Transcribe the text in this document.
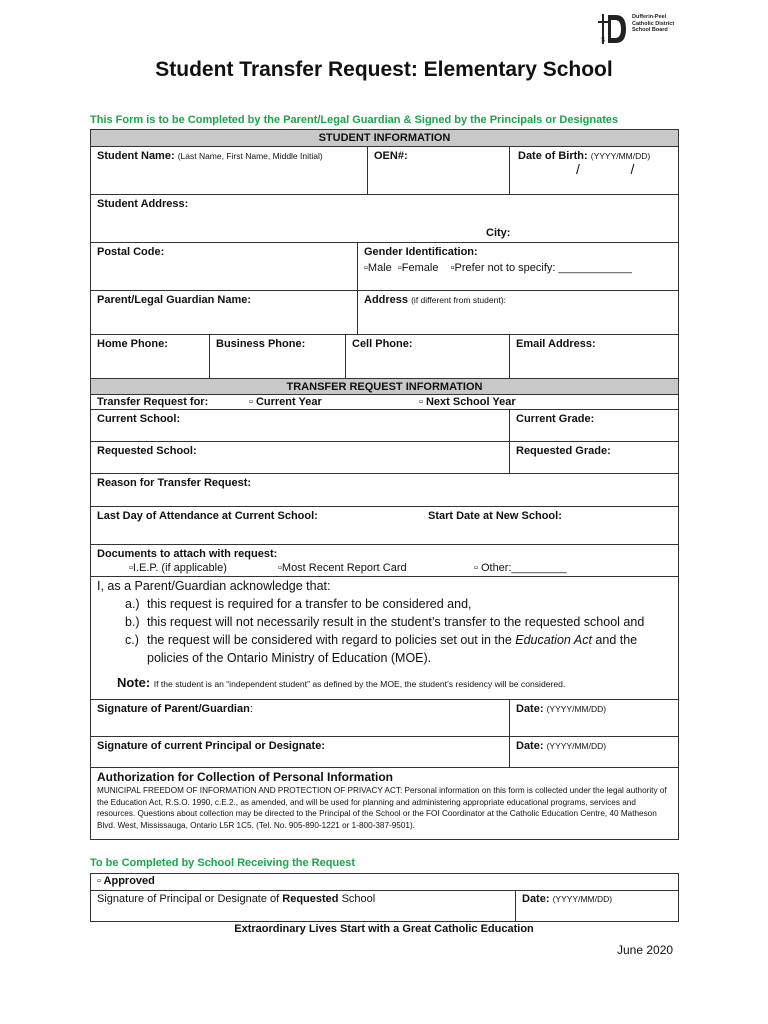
S
Dufferin-Peel
Catholic District
School Board
Student Transfer Request: Elementary School
This Form is to be Completed by the Parent/Legal Guardian & Signed by the Principals or Designates
STUDENT INFORMATION
Student Name: (Last Name, First Name, Middle Initial)	OEN#:	Date of Birth: (YYYY/MM/DD)
/             /
Student Address:
City:
Postal Code:	Gender Identification:
▫Male  ▫Female    ▫Prefer not to specify: ____________
Parent/Legal Guardian Name:	Address (if different from student):
Home Phone:	Business Phone:	Cell Phone:	Email Address:
TRANSFER REQUEST INFORMATION
Transfer Request for:	▫ Current Year	▫ Next School Year
Current School:	Current Grade:
Requested School:	Requested Grade:
Reason for Transfer Request:
Last Day of Attendance at Current School:	Start Date at New School:
Documents to attach with request:
▫I.E.P. (if applicable)	▫Most Recent Report Card	▫ Other:_________
I, as a Parent/Guardian acknowledge that:
a.) this request is required for a transfer to be considered and,
b.) this request will not necessarily result in the student’s transfer to the requested school and
c.) the request will be considered with regard to policies set out in the Education Act and the policies of the Ontario Ministry of Education (MOE).
Note: If the student is an “independent student” as defined by the MOE, the student’s residency will be considered.
Signature of Parent/Guardian:	Date: (YYYY/MM/DD)
Signature of current Principal or Designate:	Date: (YYYY/MM/DD)
Authorization for Collection of Personal Information
MUNICIPAL FREEDOM OF INFORMATION AND PROTECTION OF PRIVACY ACT: Personal information on this form is collected under the legal authority of the Education Act, R.S.O. 1990, c.E.2., as amended, and will be used for planning and administering appropriate educational programs, services and resources. Questions about collection may be directed to the Principal of the School or the FOI Coordinator at the Catholic Education Centre, 40 Matheson Blvd. West, Mississauga, Ontario L5R 1C5. (Tel. No. 905-890-1221 or 1-800-387-9501).
To be Completed by School Receiving the Request
▫ Approved
Signature of Principal or Designate of Requested School	Date: (YYYY/MM/DD)
Extraordinary Lives Start with a Great Catholic Education
June 2020
